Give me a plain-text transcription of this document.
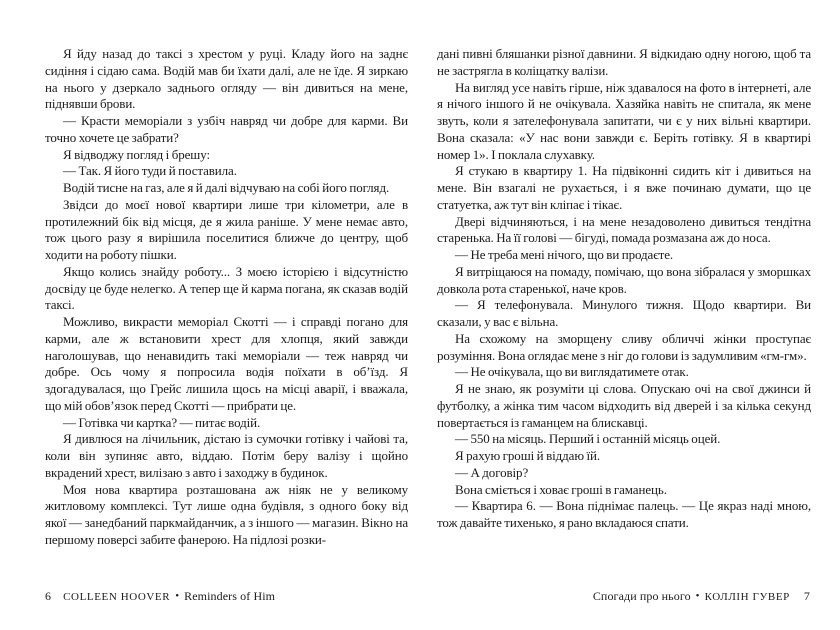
Я йду назад до таксі з хрестом у руці. Кладу його на заднє сидіння і сідаю сама. Водій мав би їхати далі, але не їде. Я зиркаю на нього у дзеркало заднього огляду — він дивиться на мене, піднявши брови.

— Красти меморіали з узбіч навряд чи добре для карми. Ви точно хочете це забрати?

Я відводжу погляд і брешу:

— Так. Я його туди й поставила.

Водій тисне на газ, але я й далі відчуваю на собі його погляд.

Звідси до моєї нової квартири лише три кілометри, але в протилежний бік від місця, де я жила раніше. У мене немає авто, тож цього разу я вирішила поселитися ближче до центру, щоб ходити на роботу пішки.

Якщо колись знайду роботу... З моєю історією і відсутністю досвіду це буде нелегко. А тепер ще й карма погана, як сказав водій таксі.

Можливо, викрасти меморіал Скотті — і справді погано для карми, але ж встановити хрест для хлопця, який завжди наголошував, що ненавидить такі меморіали — теж навряд чи добре. Ось чому я попросила водія поїхати в об’їзд. Я здогадувалася, що Грейс лишила щось на місці аварії, і вважала, що мій обов’язок перед Скотті — прибрати це.

— Готівка чи картка? — питає водій.

Я дивлюся на лічильник, дістаю із сумочки готівку і чайові та, коли він зупиняє авто, віддаю. Потім беру валізу і щойно вкрадений хрест, вилізаю з авто і заходжу в будинок.

Моя нова квартира розташована аж ніяк не у великому житловому комплексі. Тут лише одна будівля, з одного боку від якої — занедбаний паркмайданчик, а з іншого — магазин. Вікно на першому поверсі забите фанерою. На підлозі розки-

дані пивні бляшанки різної давнини. Я відкидаю одну ногою, щоб та не застрягла в коліщатку валізи.

На вигляд усе навіть гірше, ніж здавалося на фото в інтернеті, але я нічого іншого й не очікувала. Хазяйка навіть не спитала, як мене звуть, коли я зателефонувала запитати, чи є у них вільні квартири. Вона сказала: «У нас вони завжди є. Беріть готівку. Я в квартирі номер 1». І поклала слухавку.

Я стукаю в квартиру 1. На підвіконні сидить кіт і дивиться на мене. Він взагалі не рухається, і я вже починаю думати, що це статуетка, аж тут він кліпає і тікає.

Двері відчиняються, і на мене незадоволено дивиться тендітна старенька. На її голові — бігуді, помада розмазана аж до носа.

— Не треба мені нічого, що ви продаєте.

Я витріщаюся на помаду, помічаю, що вона зібралася у зморшках довкола рота старенької, наче кров.

— Я телефонувала. Минулого тижня. Щодо квартири. Ви сказали, у вас є вільна.

На схожому на зморщену сливу обличчі жінки проступає розуміння. Вона оглядає мене з ніг до голови із задумливим «гм-гм».

— Не очікувала, що ви виглядатимете отак.

Я не знаю, як розуміти ці слова. Опускаю очі на свої джинси й футболку, а жінка тим часом відходить від дверей і за кілька секунд повертається із гаманцем на блискавці.

— 550 на місяць. Перший і останній місяць оцей.

Я рахую гроші й віддаю їй.

— А договір?

Вона сміється і ховає гроші в гаманець.

— Квартира 6. — Вона піднімає палець. — Це якраз наді мною, тож давайте тихенько, я рано вкладаюся спати.

6 COLLEEN HOOVER • Reminders of Him	Спогади про нього • КОЛЛІН ГУВЕР 7
